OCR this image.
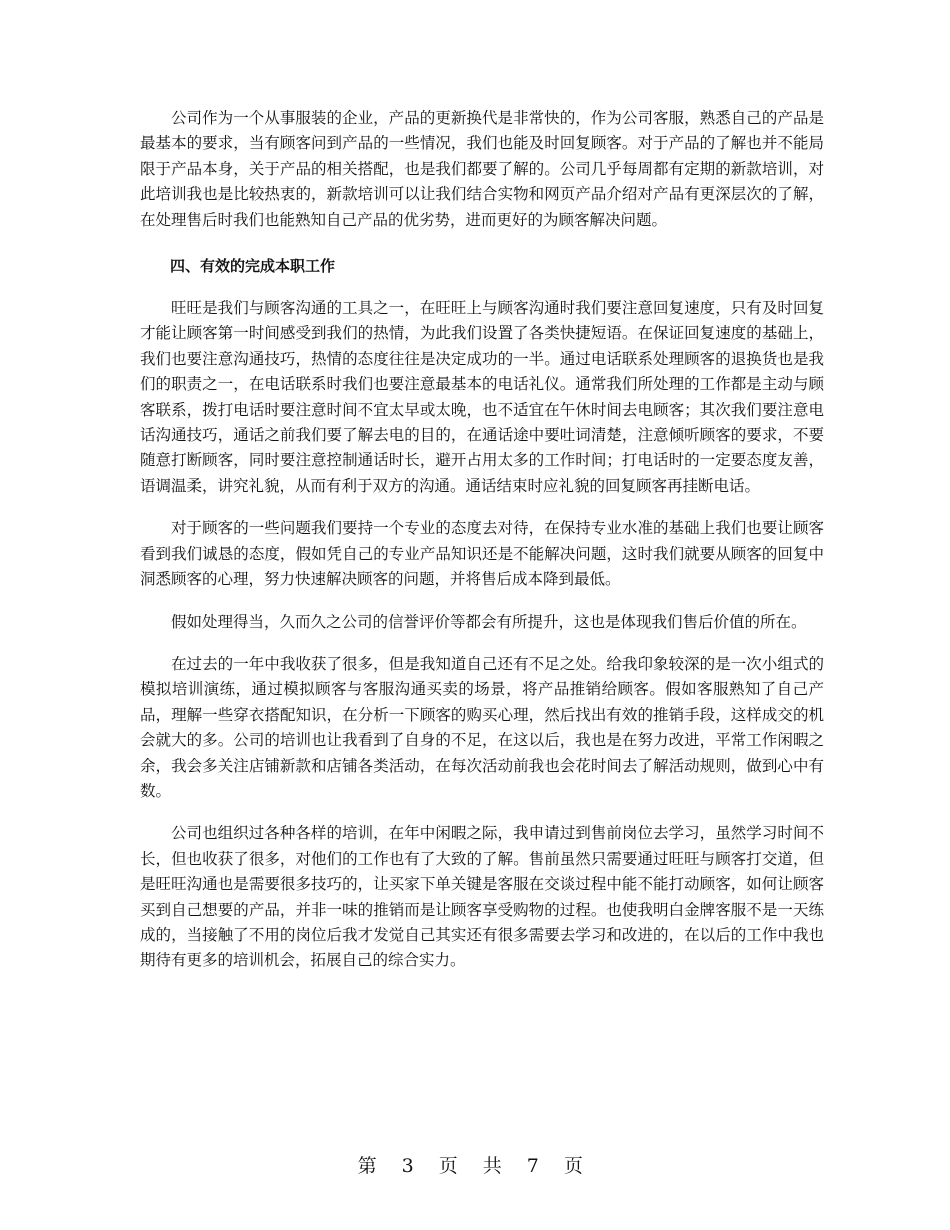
公司作为一个从事服装的企业，产品的更新换代是非常快的，作为公司客服，熟悉自己的产品是最基本的要求，当有顾客问到产品的一些情况，我们也能及时回复顾客。对于产品的了解也并不能局限于产品本身，关于产品的相关搭配，也是我们都要了解的。公司几乎每周都有定期的新款培训，对此培训我也是比较热衷的，新款培训可以让我们结合实物和网页产品介绍对产品有更深层次的了解，在处理售后时我们也能熟知自己产品的优劣势，进而更好的为顾客解决问题。

四、有效的完成本职工作

旺旺是我们与顾客沟通的工具之一，在旺旺上与顾客沟通时我们要注意回复速度，只有及时回复才能让顾客第一时间感受到我们的热情，为此我们设置了各类快捷短语。在保证回复速度的基础上，我们也要注意沟通技巧，热情的态度往往是决定成功的一半。通过电话联系处理顾客的退换货也是我们的职责之一，在电话联系时我们也要注意最基本的电话礼仪。通常我们所处理的工作都是主动与顾客联系，拨打电话时要注意时间不宜太早或太晚，也不适宜在午休时间去电顾客；其次我们要注意电话沟通技巧，通话之前我们要了解去电的目的，在通话途中要吐词清楚，注意倾听顾客的要求，不要随意打断顾客，同时要注意控制通话时长，避开占用太多的工作时间；打电话时的一定要态度友善，语调温柔，讲究礼貌，从而有利于双方的沟通。通话结束时应礼貌的回复顾客再挂断电话。

对于顾客的一些问题我们要持一个专业的态度去对待，在保持专业水准的基础上我们也要让顾客看到我们诚恳的态度，假如凭自己的专业产品知识还是不能解决问题，这时我们就要从顾客的回复中洞悉顾客的心理，努力快速解决顾客的问题，并将售后成本降到最低。

假如处理得当，久而久之公司的信誉评价等都会有所提升，这也是体现我们售后价值的所在。

在过去的一年中我收获了很多，但是我知道自己还有不足之处。给我印象较深的是一次小组式的模拟培训演练，通过模拟顾客与客服沟通买卖的场景，将产品推销给顾客。假如客服熟知了自己产品，理解一些穿衣搭配知识，在分析一下顾客的购买心理，然后找出有效的推销手段，这样成交的机会就大的多。公司的培训也让我看到了自身的不足，在这以后，我也是在努力改进，平常工作闲暇之余，我会多关注店铺新款和店铺各类活动，在每次活动前我也会花时间去了解活动规则，做到心中有数。

公司也组织过各种各样的培训，在年中闲暇之际，我申请过到售前岗位去学习，虽然学习时间不长，但也收获了很多，对他们的工作也有了大致的了解。售前虽然只需要通过旺旺与顾客打交道，但是旺旺沟通也是需要很多技巧的，让买家下单关键是客服在交谈过程中能不能打动顾客，如何让顾客买到自己想要的产品，并非一味的推销而是让顾客享受购物的过程。也使我明白金牌客服不是一天练成的，当接触了不用的岗位后我才发觉自己其实还有很多需要去学习和改进的，在以后的工作中我也期待有更多的培训机会，拓展自己的综合实力。

第 3 页 共 7 页
